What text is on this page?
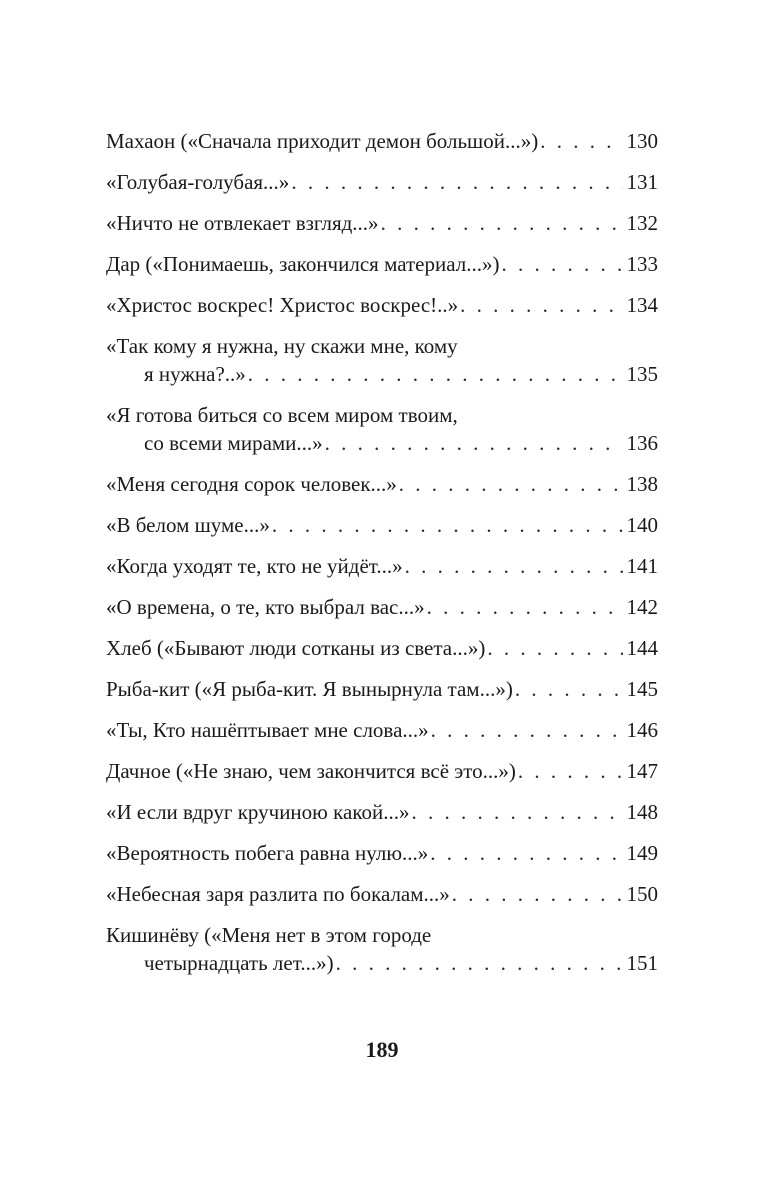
Махаон («Сначала приходит демон большой...») . . .	130
«Голубая-голубая...» . . .	131
«Ничто не отвлекает взгляд...» . . .	132
Дар («Понимаешь, закончился материал...») . . .	133
«Христос воскрес! Христос воскрес!..» . . .	134
«Так кому я нужна, ну скажи мне, кому
я нужна?..» . . .	135
«Я готова биться со всем миром твоим,
со всеми мирами...» . . .	136
«Меня сегодня сорок человек...» . . .	138
«В белом шуме...» . . .	140
«Когда уходят те, кто не уйдёт...» . . .	141
«О времена, о те, кто выбрал вас...» . . .	142
Хлеб («Бывают люди сотканы из света...») . . .	144
Рыба-кит («Я рыба-кит. Я вынырнула там...») . . .	145
«Ты, Кто нашёптывает мне слова...» . . .	146
Дачное («Не знаю, чем закончится всё это...») . . .	147
«И если вдруг кручиною какой...» . . .	148
«Вероятность побега равна нулю...» . . .	149
«Небесная заря разлита по бокалам...» . . .	150
Кишинёву («Меня нет в этом городе
четырнадцать лет...») . . .	151
189
